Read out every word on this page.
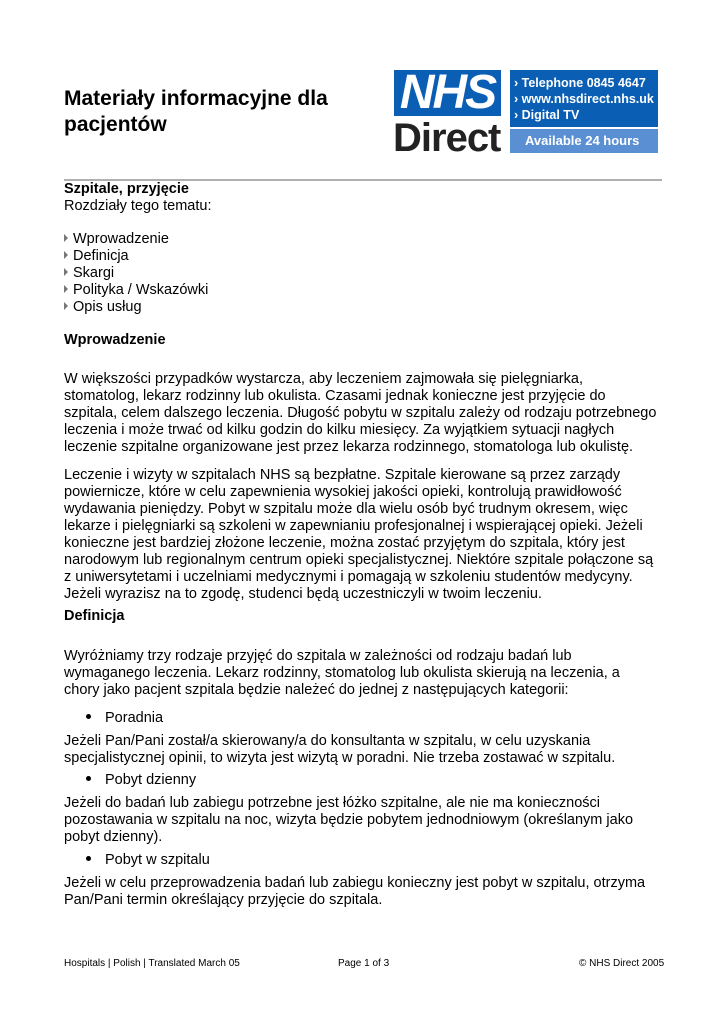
Materiały informacyjne dla
pacjentów
NHS
Direct
› Telephone 0845 4647
› www.nhsdirect.nhs.uk
› Digital TV
Available 24 hours
Szpitale, przyjęcie
Rozdziały tego tematu:
Wprowadzenie
Definicja
Skargi
Polityka / Wskazówki
Opis usług
Wprowadzenie
W większości przypadków wystarcza, aby leczeniem zajmowała się pielęgniarka,
stomatolog, lekarz rodzinny lub okulista. Czasami jednak konieczne jest przyjęcie do
szpitala, celem dalszego leczenia. Długość pobytu w szpitalu zależy od rodzaju potrzebnego
leczenia i może trwać od kilku godzin do kilku miesięcy. Za wyjątkiem sytuacji nagłych
leczenie szpitalne organizowane jest przez lekarza rodzinnego, stomatologa lub okulistę.
Leczenie i wizyty w szpitalach NHS są bezpłatne. Szpitale kierowane są przez zarządy
powiernicze, które w celu zapewnienia wysokiej jakości opieki, kontrolują prawidłowość
wydawania pieniędzy. Pobyt w szpitalu może dla wielu osób być trudnym okresem, więc
lekarze i pielęgniarki są szkoleni w zapewnianiu profesjonalnej i wspierającej opieki. Jeżeli
konieczne jest bardziej złożone leczenie, można zostać przyjętym do szpitala, który jest
narodowym lub regionalnym centrum opieki specjalistycznej. Niektóre szpitale połączone są
z uniwersytetami i uczelniami medycznymi i pomagają w szkoleniu studentów medycyny.
Jeżeli wyrazisz na to zgodę, studenci będą uczestniczyli w twoim leczeniu.
Definicja
Wyróżniamy trzy rodzaje przyjęć do szpitala w zależności od rodzaju badań lub
wymaganego leczenia. Lekarz rodzinny, stomatolog lub okulista skierują na leczenia, a
chory jako pacjent szpitala będzie należeć do jednej z następujących kategorii:
Poradnia
Jeżeli Pan/Pani został/a skierowany/a do konsultanta w szpitalu, w celu uzyskania
specjalistycznej opinii, to wizyta jest wizytą w poradni. Nie trzeba zostawać w szpitalu.
Pobyt dzienny
Jeżeli do badań lub zabiegu potrzebne jest łóżko szpitalne, ale nie ma konieczności
pozostawania w szpitalu na noc, wizyta będzie pobytem jednodniowym (określanym jako
pobyt dzienny).
Pobyt w szpitalu
Jeżeli w celu przeprowadzenia badań lub zabiegu konieczny jest pobyt w szpitalu, otrzyma
Pan/Pani termin określający przyjęcie do szpitala.
Hospitals | Polish | Translated March 05	Page 1 of 3	© NHS Direct 2005
